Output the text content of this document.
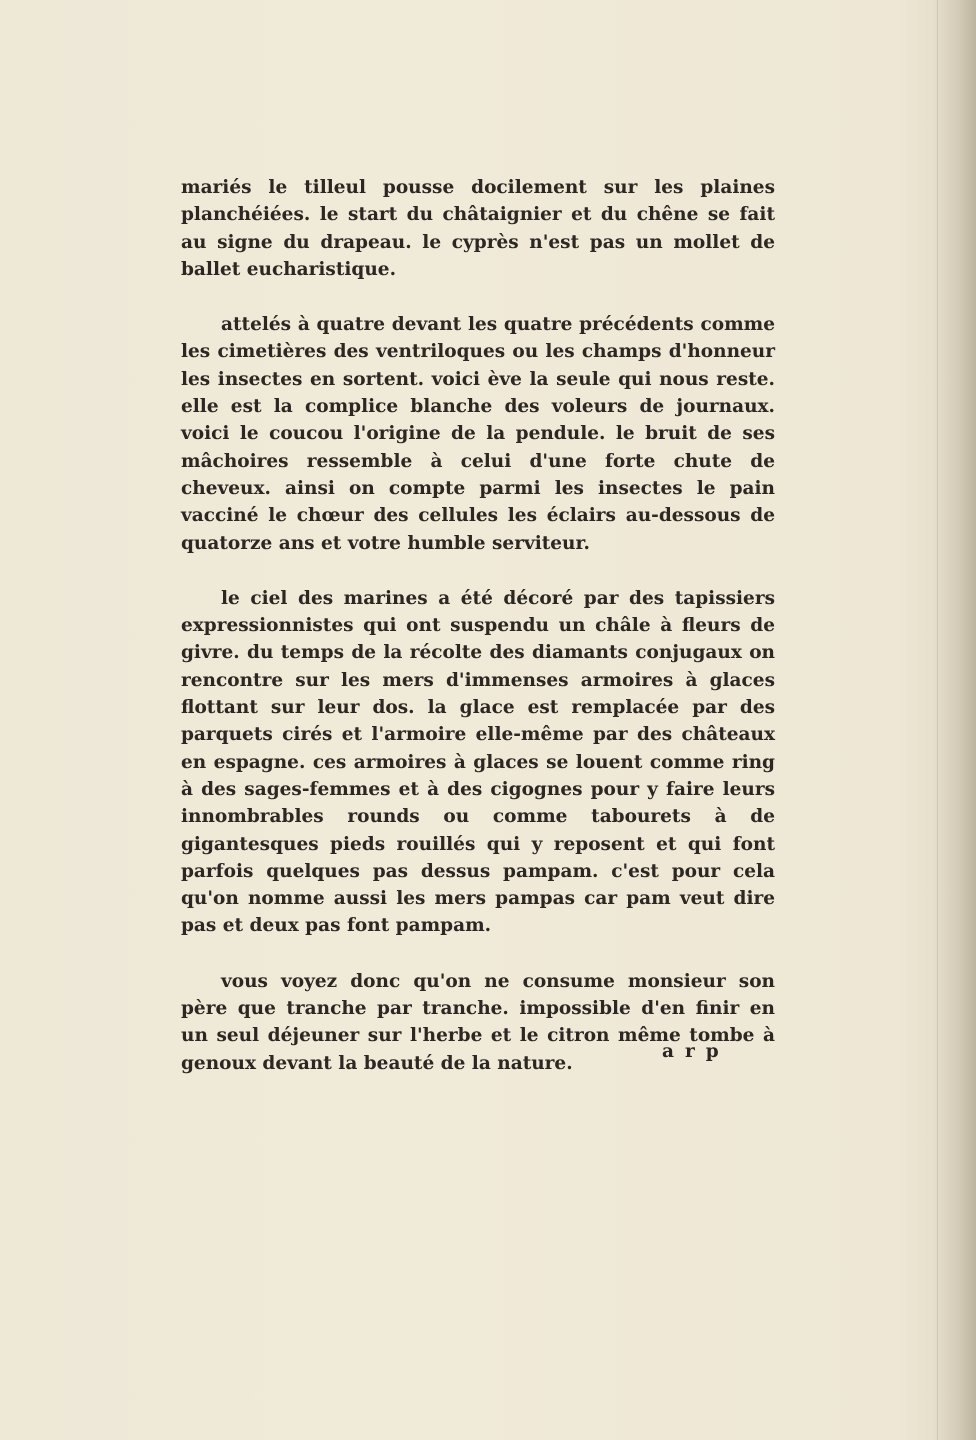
mariés le tilleul pousse docilement sur les plaines planchéiées. le start du châtaignier et du chêne se fait au signe du drapeau. le cyprès n'est pas un mollet de ballet eucharistique.

attelés à quatre devant les quatre précédents comme les cimetières des ventriloques ou les champs d'honneur les insectes en sortent. voici ève la seule qui nous reste. elle est la complice blanche des voleurs de journaux. voici le coucou l'origine de la pendule. le bruit de ses mâchoires ressemble à celui d'une forte chute de cheveux. ainsi on compte parmi les insectes le pain vacciné le chœur des cellules les éclairs au-dessous de quatorze ans et votre humble serviteur.

le ciel des marines a été décoré par des tapissiers expressionnistes qui ont suspendu un châle à fleurs de givre. du temps de la récolte des diamants conjugaux on rencontre sur les mers d'immenses armoires à glaces flottant sur leur dos. la glace est remplacée par des parquets cirés et l'armoire elle-même par des châteaux en espagne. ces armoires à glaces se louent comme ring à des sages-femmes et à des cigognes pour y faire leurs innombrables rounds ou comme tabourets à de gigantesques pieds rouillés qui y reposent et qui font parfois quelques pas dessus pampam. c'est pour cela qu'on nomme aussi les mers pampas car pam veut dire pas et deux pas font pampam.

vous voyez donc qu'on ne consume monsieur son père que tranche par tranche. impossible d'en finir en un seul déjeuner sur l'herbe et le citron même tombe à genoux devant la beauté de la nature.

arp
